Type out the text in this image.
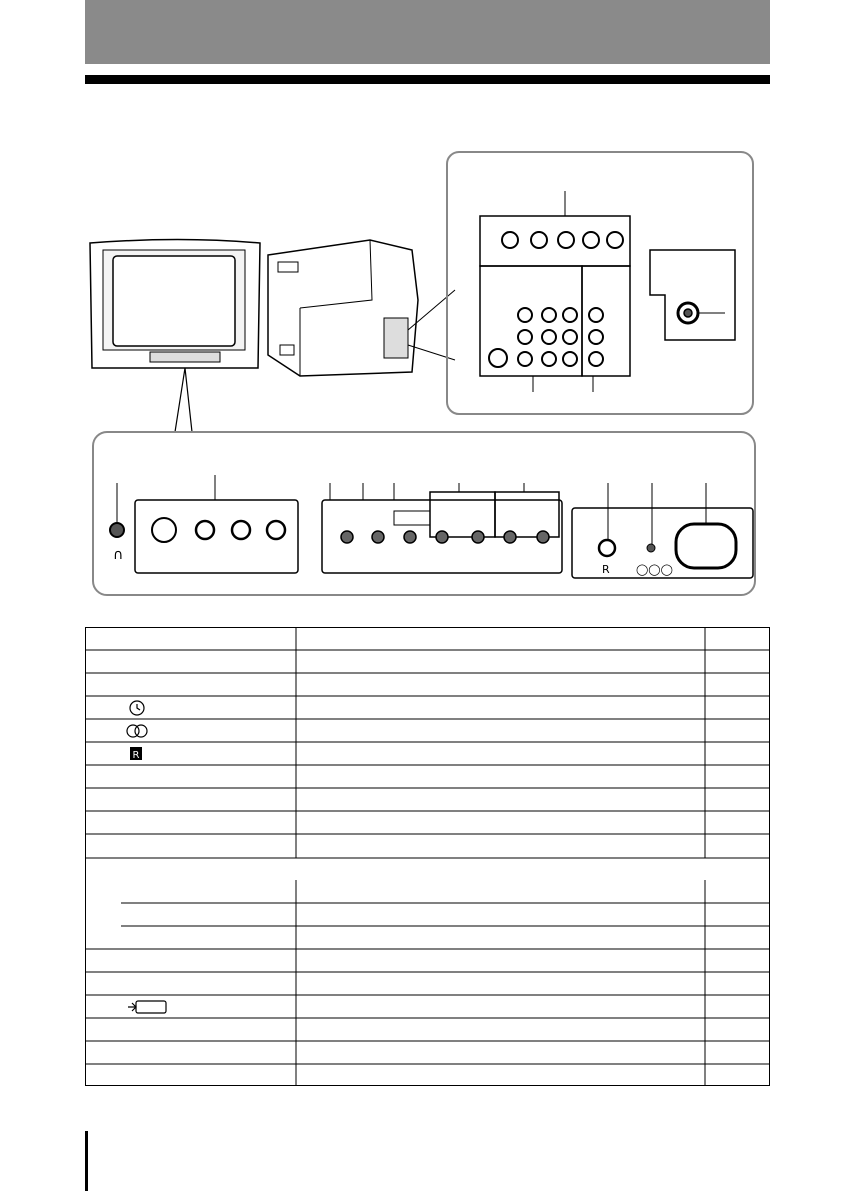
∩
R ◯◯◯
R
